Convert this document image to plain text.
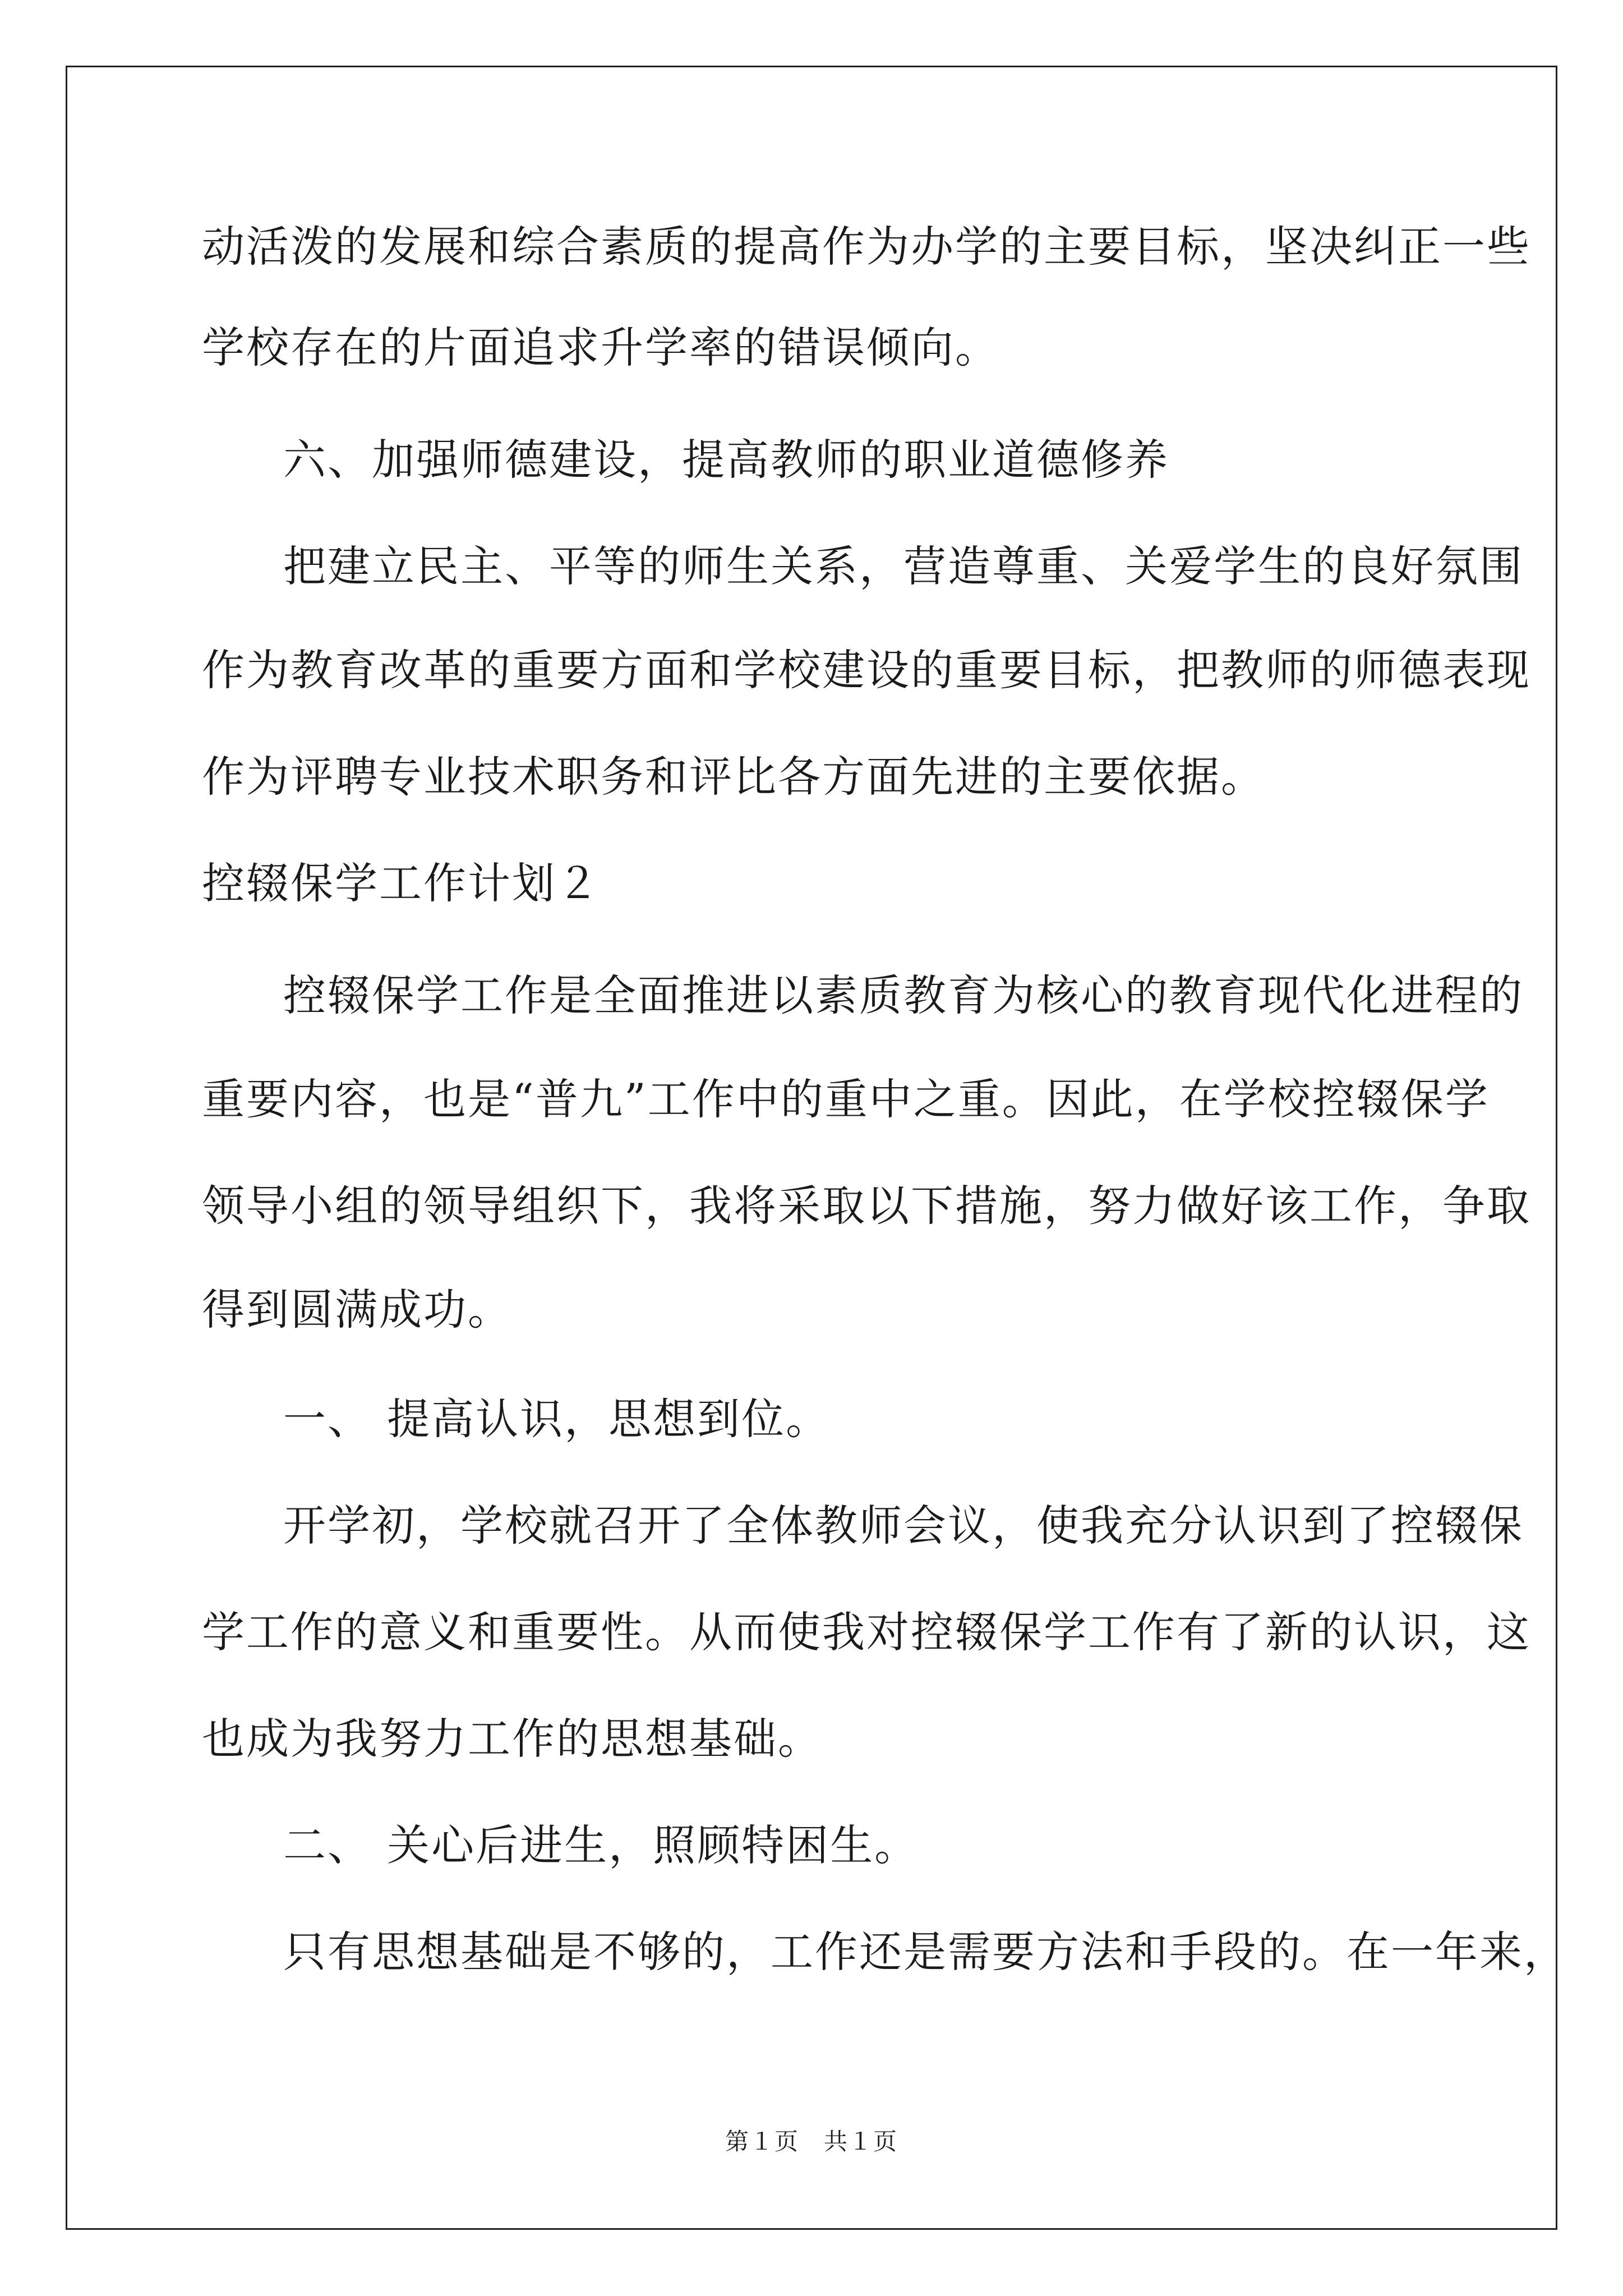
动活泼的发展和综合素质的提高作为办学的主要目标，坚决纠正一些
学校存在的片面追求升学率的错误倾向。
六、加强师德建设，提高教师的职业道德修养
把建立民主、平等的师生关系，营造尊重、关爱学生的良好氛围
作为教育改革的重要方面和学校建设的重要目标，把教师的师德表现
作为评聘专业技术职务和评比各方面先进的主要依据。
控辍保学工作计划２
控辍保学工作是全面推进以素质教育为核心的教育现代化进程的
重要内容，也是“普九”工作中的重中之重。因此，在学校控辍保学
领导小组的领导组织下，我将采取以下措施，努力做好该工作，争取
得到圆满成功。
一、 提高认识，思想到位。
开学初，学校就召开了全体教师会议，使我充分认识到了控辍保
学工作的意义和重要性。从而使我对控辍保学工作有了新的认识，这
也成为我努力工作的思想基础。
二、 关心后进生，照顾特困生。
只有思想基础是不够的，工作还是需要方法和手段的。在一年来，
第１页 共１页
